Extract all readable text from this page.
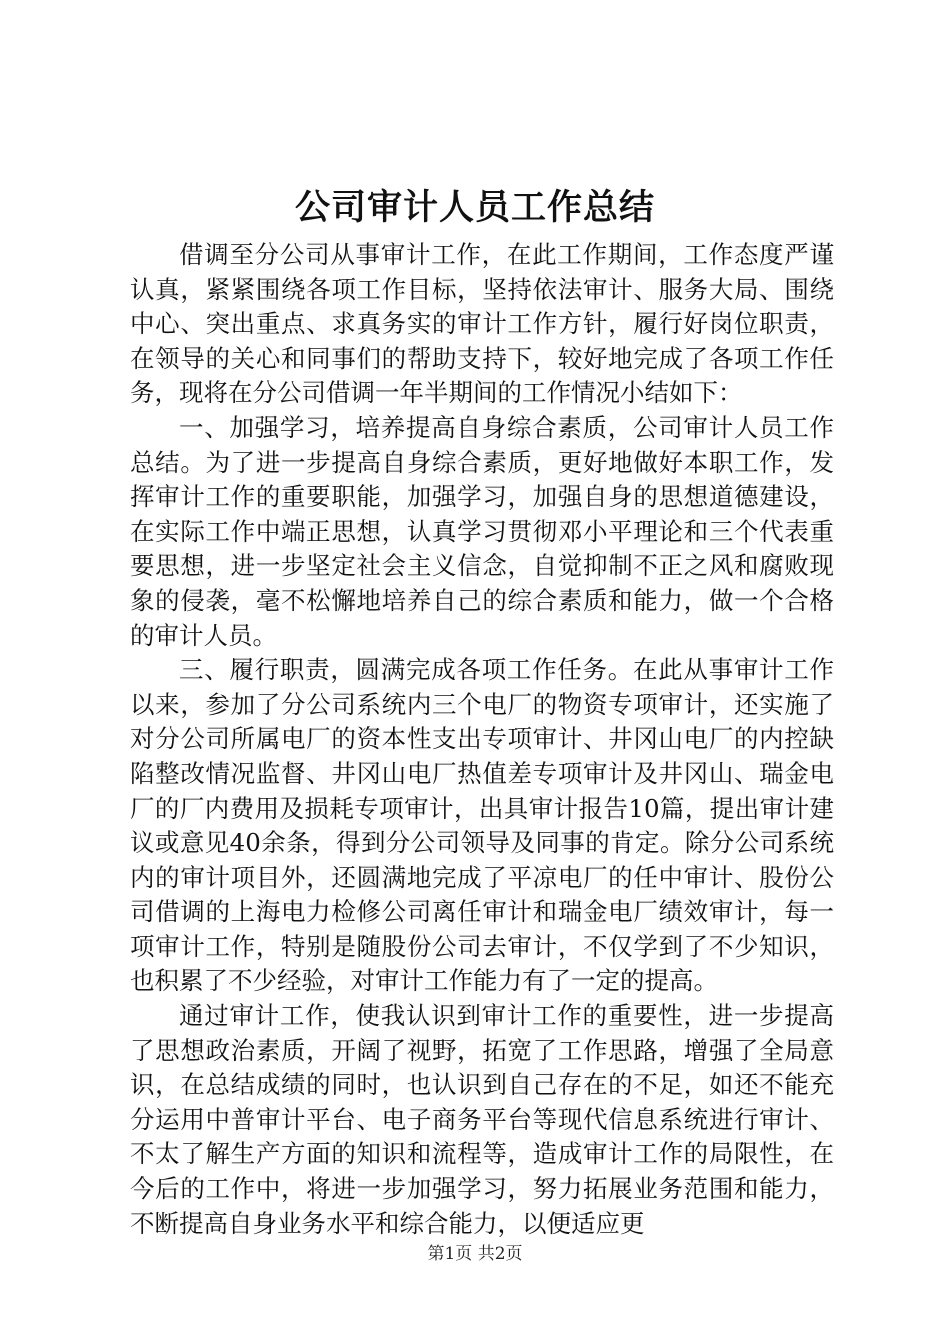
公司审计人员工作总结

借调至分公司从事审计工作，在此工作期间，工作态度严谨认真，紧紧围绕各项工作目标，坚持依法审计、服务大局、围绕中心、突出重点、求真务实的审计工作方针，履行好岗位职责，在领导的关心和同事们的帮助支持下，较好地完成了各项工作任务，现将在分公司借调一年半期间的工作情况小结如下：

一、加强学习，培养提高自身综合素质，公司审计人员工作总结。为了进一步提高自身综合素质，更好地做好本职工作，发挥审计工作的重要职能，加强学习，加强自身的思想道德建设，在实际工作中端正思想，认真学习贯彻邓小平理论和三个代表重要思想，进一步坚定社会主义信念，自觉抑制不正之风和腐败现象的侵袭，毫不松懈地培养自己的综合素质和能力，做一个合格的审计人员。

三、履行职责，圆满完成各项工作任务。在此从事审计工作以来，参加了分公司系统内三个电厂的物资专项审计，还实施了对分公司所属电厂的资本性支出专项审计、井冈山电厂的内控缺陷整改情况监督、井冈山电厂热值差专项审计及井冈山、瑞金电厂的厂内费用及损耗专项审计，出具审计报告10篇，提出审计建议或意见40余条，得到分公司领导及同事的肯定。除分公司系统内的审计项目外，还圆满地完成了平凉电厂的任中审计、股份公司借调的上海电力检修公司离任审计和瑞金电厂绩效审计，每一项审计工作，特别是随股份公司去审计，不仅学到了不少知识，也积累了不少经验，对审计工作能力有了一定的提高。

通过审计工作，使我认识到审计工作的重要性，进一步提高了思想政治素质，开阔了视野，拓宽了工作思路，增强了全局意识，在总结成绩的同时，也认识到自己存在的不足，如还不能充分运用中普审计平台、电子商务平台等现代信息系统进行审计、不太了解生产方面的知识和流程等，造成审计工作的局限性，在今后的工作中，将进一步加强学习，努力拓展业务范围和能力，不断提高自身业务水平和综合能力，以便适应更

第1页 共2页
